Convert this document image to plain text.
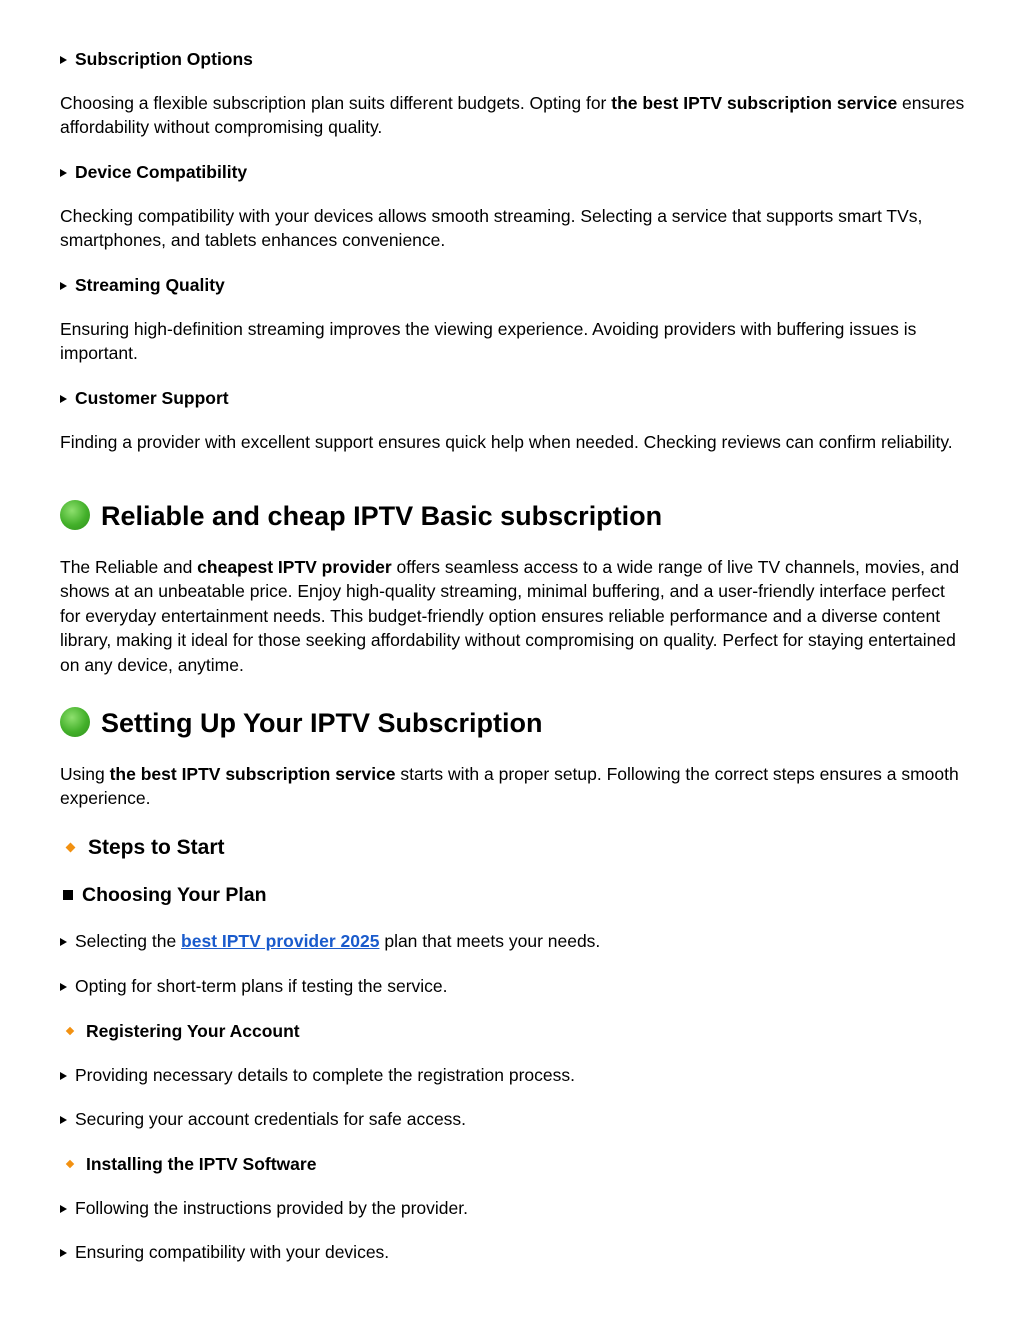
Subscription Options
Choosing a flexible subscription plan suits different budgets. Opting for the best IPTV subscription service ensures affordability without compromising quality.
Device Compatibility
Checking compatibility with your devices allows smooth streaming. Selecting a service that supports smart TVs, smartphones, and tablets enhances convenience.
Streaming Quality
Ensuring high-definition streaming improves the viewing experience. Avoiding providers with buffering issues is important.
Customer Support
Finding a provider with excellent support ensures quick help when needed. Checking reviews can confirm reliability.
Reliable and cheap IPTV Basic subscription
The Reliable and cheapest IPTV provider offers seamless access to a wide range of live TV channels, movies, and shows at an unbeatable price. Enjoy high-quality streaming, minimal buffering, and a user-friendly interface perfect for everyday entertainment needs. This budget-friendly option ensures reliable performance and a diverse content library, making it ideal for those seeking affordability without compromising on quality. Perfect for staying entertained on any device, anytime.
Setting Up Your IPTV Subscription
Using the best IPTV subscription service starts with a proper setup. Following the correct steps ensures a smooth experience.
Steps to Start
Choosing Your Plan
Selecting the best IPTV provider 2025 plan that meets your needs.
Opting for short-term plans if testing the service.
Registering Your Account
Providing necessary details to complete the registration process.
Securing your account credentials for safe access.
Installing the IPTV Software
Following the instructions provided by the provider.
Ensuring compatibility with your devices.
